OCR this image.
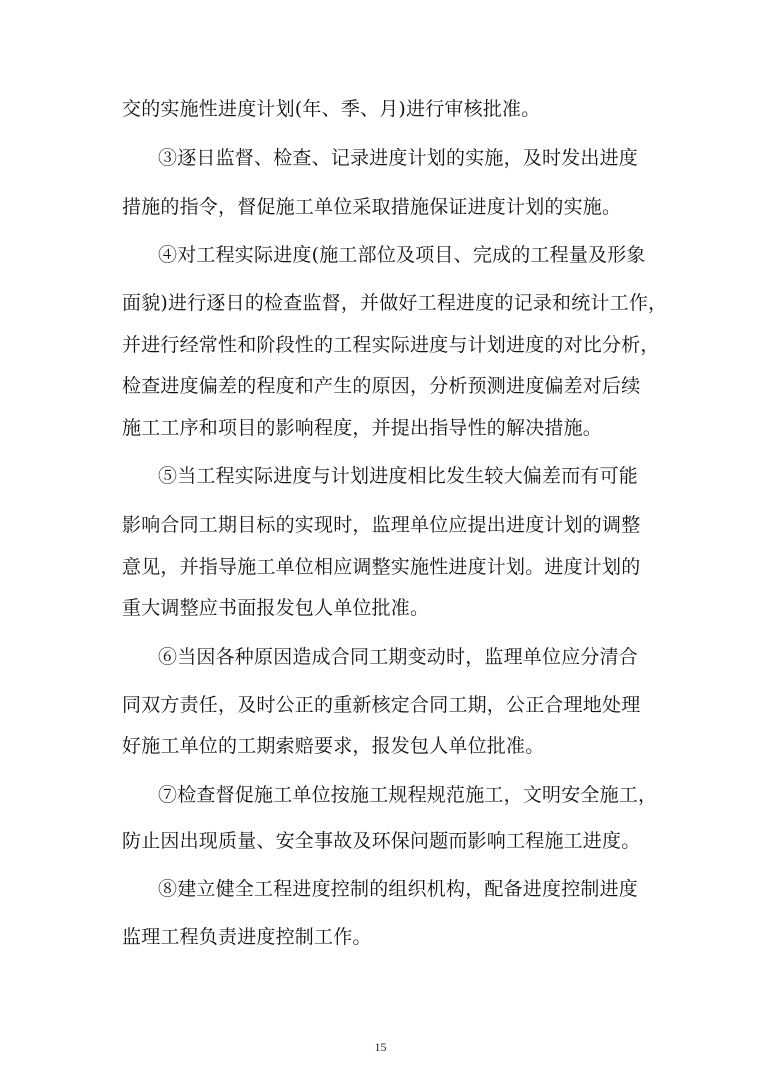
交的实施性进度计划(年、季、月)进行审核批准。
③逐日监督、检查、记录进度计划的实施，及时发出进度
措施的指令，督促施工单位采取措施保证进度计划的实施。
④对工程实际进度(施工部位及项目、完成的工程量及形象
面貌)进行逐日的检查监督，并做好工程进度的记录和统计工作，
并进行经常性和阶段性的工程实际进度与计划进度的对比分析，
检查进度偏差的程度和产生的原因，分析预测进度偏差对后续
施工工序和项目的影响程度，并提出指导性的解决措施。
⑤当工程实际进度与计划进度相比发生较大偏差而有可能
影响合同工期目标的实现时，监理单位应提出进度计划的调整
意见，并指导施工单位相应调整实施性进度计划。进度计划的
重大调整应书面报发包人单位批准。
⑥当因各种原因造成合同工期变动时，监理单位应分清合
同双方责任，及时公正的重新核定合同工期，公正合理地处理
好施工单位的工期索赔要求，报发包人单位批准。
⑦检查督促施工单位按施工规程规范施工，文明安全施工，
防止因出现质量、安全事故及环保问题而影响工程施工进度。
⑧建立健全工程进度控制的组织机构，配备进度控制进度
监理工程负责进度控制工作。
15
